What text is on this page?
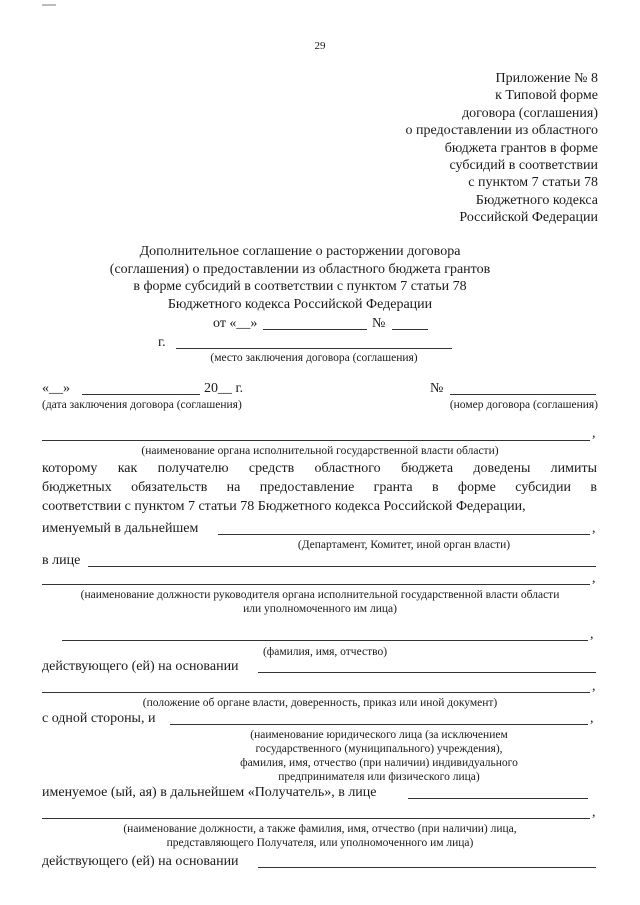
29
Приложение № 8
к Типовой форме
договора (соглашения)
о предоставлении из областного
бюджета грантов в форме
субсидий в соответствии
с пунктом 7 статьи 78
Бюджетного кодекса
Российской Федерации
Дополнительное соглашение о расторжении договора
(соглашения) о предоставлении из областного бюджета грантов
в форме субсидий в соответствии с пунктом 7 статьи 78
Бюджетного кодекса Российской Федерации
от «__»	№
г.
(место заключения договора (соглашения)
«__»	20__ г.	№
(дата заключения договора (соглашения)	(номер договора (соглашения)
,
(наименование органа исполнительной государственной власти области)
которому как получателю средств областного бюджета доведены лимиты
бюджетных обязательств на предоставление гранта в форме субсидии в
соответствии с пунктом 7 статьи 78 Бюджетного кодекса Российской Федерации,
именуемый в дальнейшем	,
(Департамент, Комитет, иной орган власти)
в лице
,
(наименование должности руководителя органа исполнительной государственной власти области
или уполномоченного им лица)
,
(фамилия, имя, отчество)
действующего (ей) на основании
,
(положение об органе власти, доверенность, приказ или иной документ)
с одной стороны, и	,
(наименование юридического лица (за исключением
государственного (муниципального) учреждения),
фамилия, имя, отчество (при наличии) индивидуального
предпринимателя или физического лица)
именуемое (ый, ая) в дальнейшем «Получатель», в лице
,
(наименование должности, а также фамилия, имя, отчество (при наличии) лица,
представляющего Получателя, или уполномоченного им лица)
действующего (ей) на основании
